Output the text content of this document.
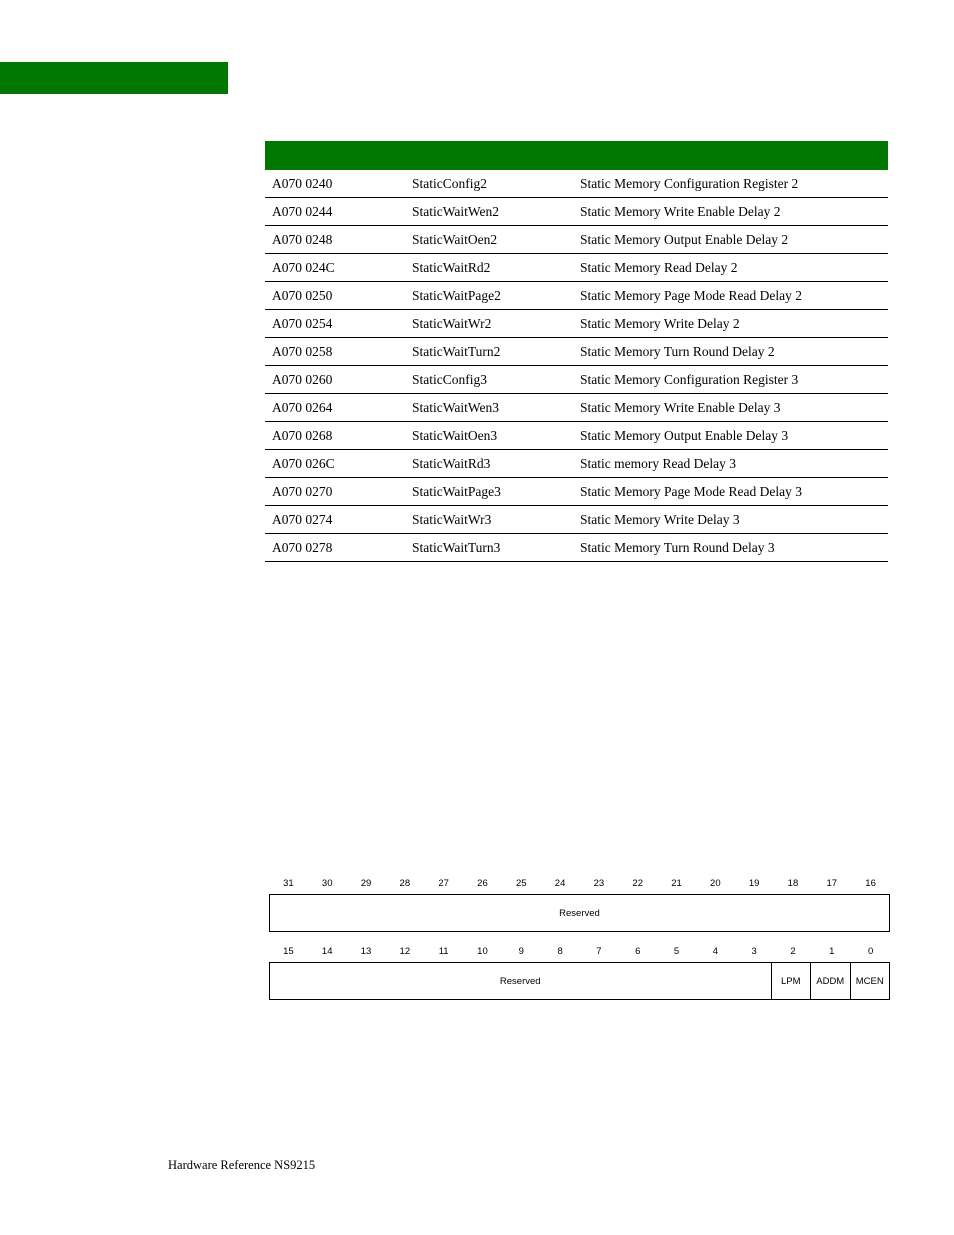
A070 0240	StaticConfig2	Static Memory Configuration Register 2
A070 0244	StaticWaitWen2	Static Memory Write Enable Delay 2
A070 0248	StaticWaitOen2	Static Memory Output Enable Delay 2
A070 024C	StaticWaitRd2	Static Memory Read Delay 2
A070 0250	StaticWaitPage2	Static Memory Page Mode Read Delay 2
A070 0254	StaticWaitWr2	Static Memory Write Delay 2
A070 0258	StaticWaitTurn2	Static Memory Turn Round Delay 2
A070 0260	StaticConfig3	Static Memory Configuration Register 3
A070 0264	StaticWaitWen3	Static Memory Write Enable Delay 3
A070 0268	StaticWaitOen3	Static Memory Output Enable Delay 3
A070 026C	StaticWaitRd3	Static memory Read Delay 3
A070 0270	StaticWaitPage3	Static Memory Page Mode Read Delay 3
A070 0274	StaticWaitWr3	Static Memory Write Delay 3
A070 0278	StaticWaitTurn3	Static Memory Turn Round Delay 3
31	30	29	28	27	26	25	24	23	22	21	20	19	18	17	16
Reserved
15	14	13	12	11	10	9	8	7	6	5	4	3	2	1	0
Reserved	LPM	ADDM	MCEN
Hardware Reference NS9215
